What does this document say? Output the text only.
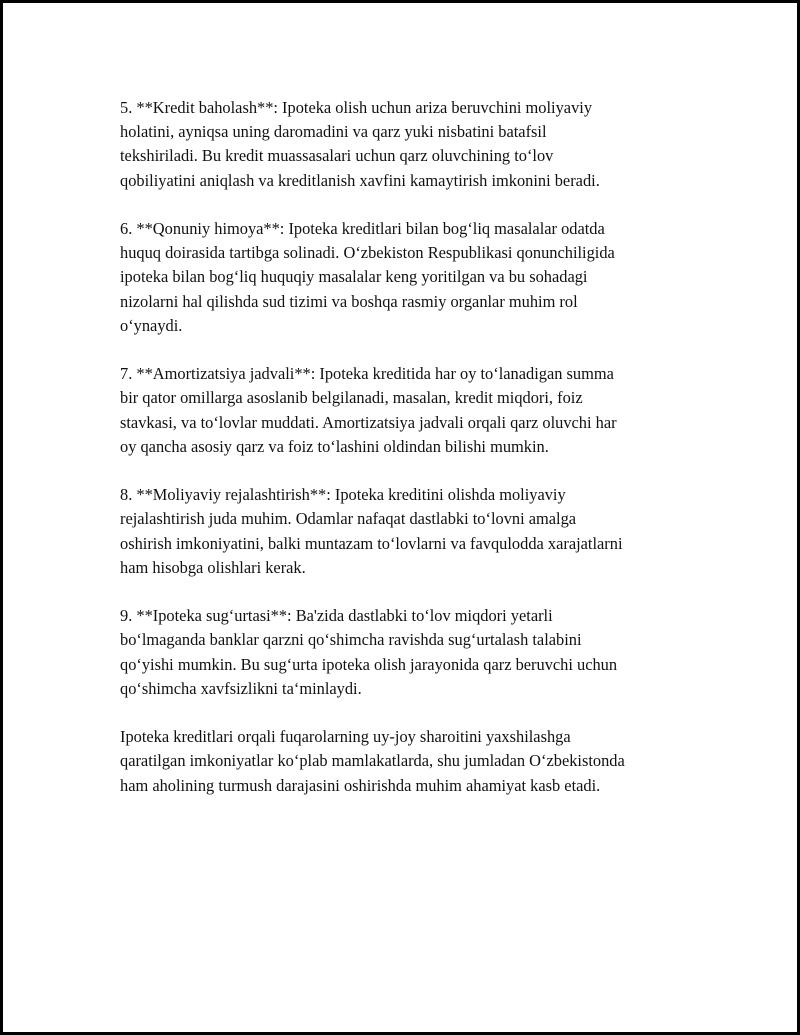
5. **Kredit baholash**: Ipoteka olish uchun ariza beruvchini moliyaviy
holatini, ayniqsa uning daromadini va qarz yuki nisbatini batafsil
tekshiriladi. Bu kredit muassasalari uchun qarz oluvchining to‘lov
qobiliyatini aniqlash va kreditlanish xavfini kamaytirish imkonini beradi.

6. **Qonuniy himoya**: Ipoteka kreditlari bilan bog‘liq masalalar odatda
huquq doirasida tartibga solinadi. O‘zbekiston Respublikasi qonunchiligida
ipoteka bilan bog‘liq huquqiy masalalar keng yoritilgan va bu sohadagi
nizolarni hal qilishda sud tizimi va boshqa rasmiy organlar muhim rol
o‘ynaydi.

7. **Amortizatsiya jadvali**: Ipoteka kreditida har oy to‘lanadigan summa
bir qator omillarga asoslanib belgilanadi, masalan, kredit miqdori, foiz
stavkasi, va to‘lovlar muddati. Amortizatsiya jadvali orqali qarz oluvchi har
oy qancha asosiy qarz va foiz to‘lashini oldindan bilishi mumkin.

8. **Moliyaviy rejalashtirish**: Ipoteka kreditini olishda moliyaviy
rejalashtirish juda muhim. Odamlar nafaqat dastlabki to‘lovni amalga
oshirish imkoniyatini, balki muntazam to‘lovlarni va favqulodda xarajatlarni
ham hisobga olishlari kerak.

9. **Ipoteka sug‘urtasi**: Ba'zida dastlabki to‘lov miqdori yetarli
bo‘lmaganda banklar qarzni qo‘shimcha ravishda sug‘urtalash talabini
qo‘yishi mumkin. Bu sug‘urta ipoteka olish jarayonida qarz beruvchi uchun
qo‘shimcha xavfsizlikni ta‘minlaydi.

Ipoteka kreditlari orqali fuqarolarning uy-joy sharoitini yaxshilashga
qaratilgan imkoniyatlar ko‘plab mamlakatlarda, shu jumladan O‘zbekistonda
ham aholining turmush darajasini oshirishda muhim ahamiyat kasb etadi.
